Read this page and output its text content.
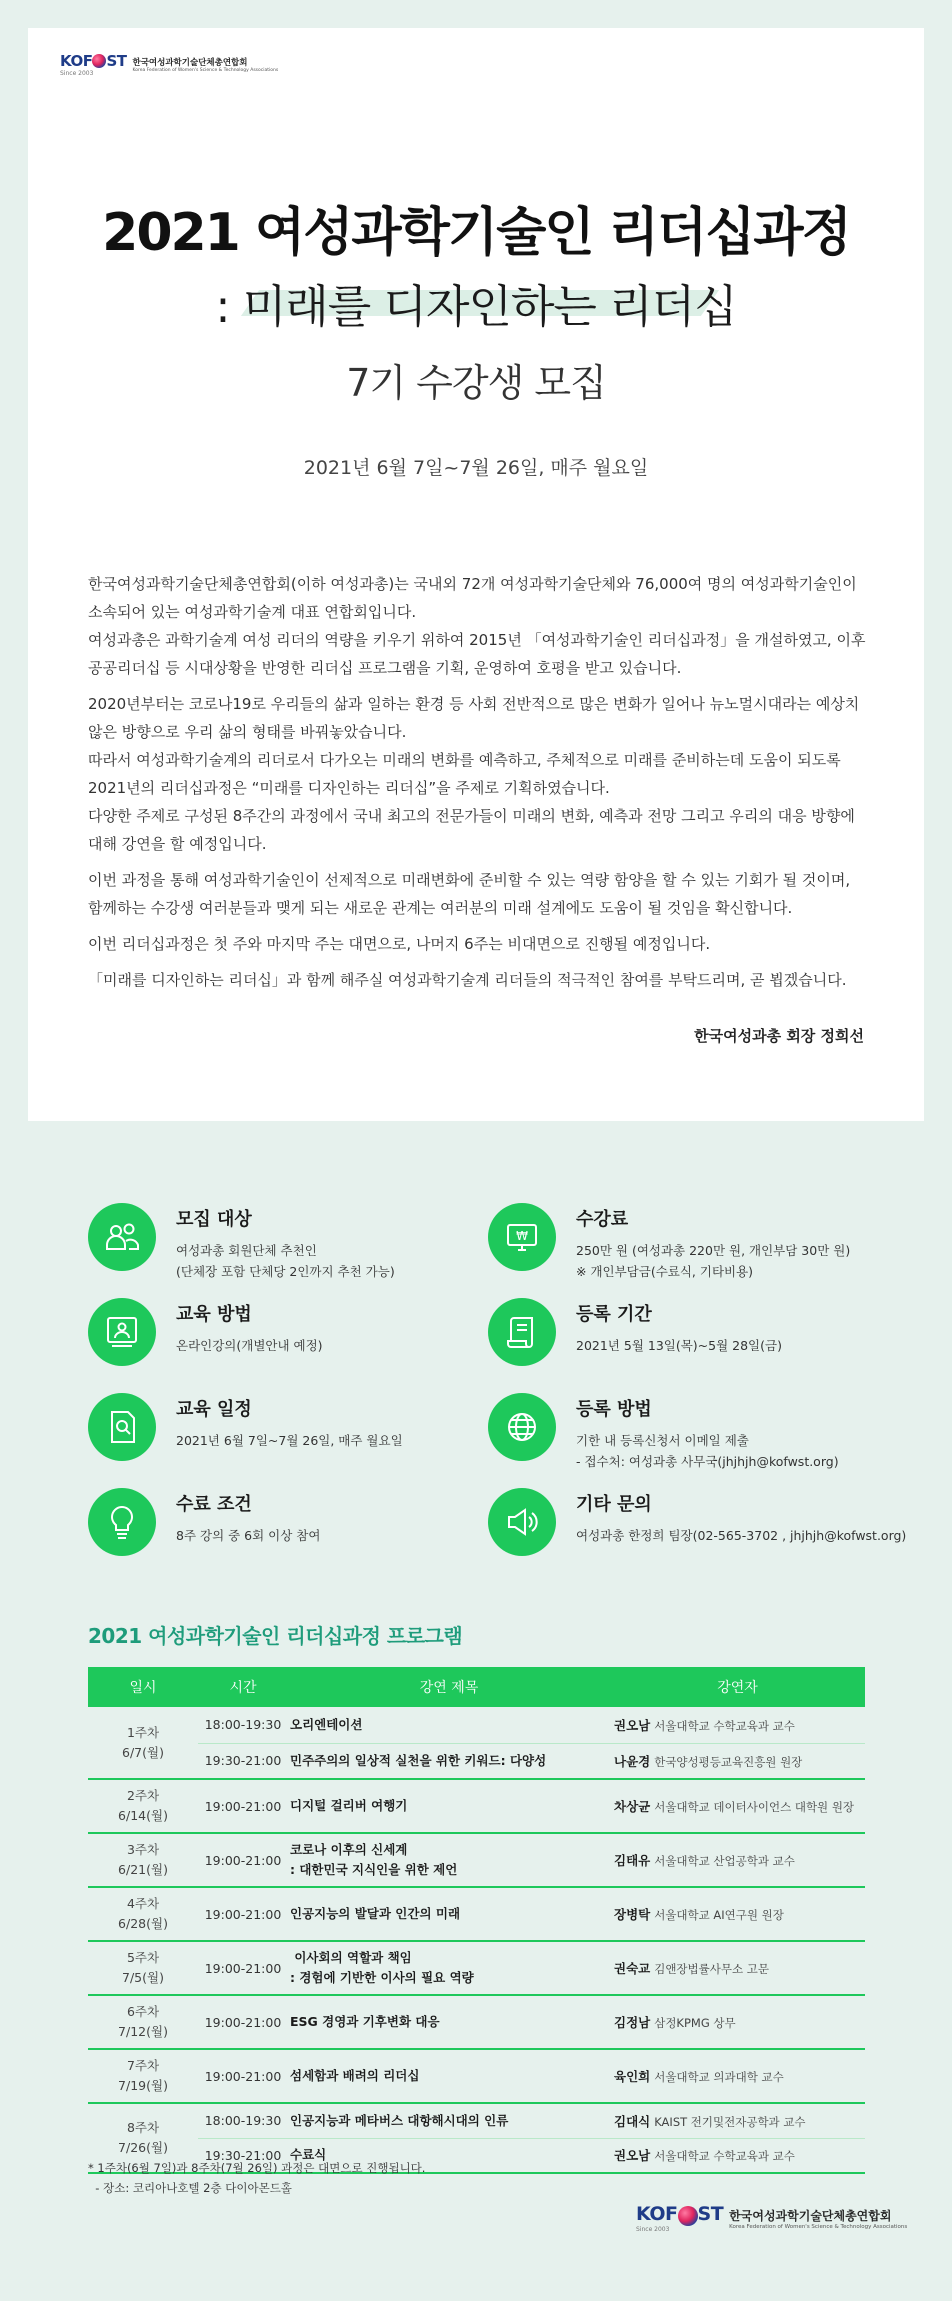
KOF ST
Since 2003
한국여성과학기술단체총연합회
Korea Federation of Women's Science & Technology Associations
2021 여성과학기술인 리더십과정
: 미래를 디자인하는 리더십
7기 수강생 모집
2021년 6월 7일~7월 26일, 매주 월요일

한국여성과학기술단체총연합회(이하 여성과총)는 국내외 72개 여성과학기술단체와 76,000여 명의 여성과학기술인이 소속되어 있는 여성과학기술계 대표 연합회입니다.
여성과총은 과학기술계 여성 리더의 역량을 키우기 위하여 2015년 「여성과학기술인 리더십과정」을 개설하였고, 이후 공공리더십 등 시대상황을 반영한 리더십 프로그램을 기획, 운영하여 호평을 받고 있습니다.

2020년부터는 코로나19로 우리들의 삶과 일하는 환경 등 사회 전반적으로 많은 변화가 일어나 뉴노멀시대라는 예상치않은 방향으로 우리 삶의 형태를 바꿔놓았습니다.
따라서 여성과학기술계의 리더로서 다가오는 미래의 변화를 예측하고, 주체적으로 미래를 준비하는데 도움이 되도록 2021년의 리더십과정은 “미래를 디자인하는 리더십”을 주제로 기획하였습니다.
다양한 주제로 구성된 8주간의 과정에서 국내 최고의 전문가들이 미래의 변화, 예측과 전망 그리고 우리의 대응 방향에 대해 강연을 할 예정입니다.

이번 과정을 통해 여성과학기술인이 선제적으로 미래변화에 준비할 수 있는 역량 함양을 할 수 있는 기회가 될 것이며, 함께하는 수강생 여러분들과 맺게 되는 새로운 관계는 여러분의 미래 설계에도 도움이 될 것임을 확신합니다.

이번 리더십과정은 첫 주와 마지막 주는 대면으로, 나머지 6주는 비대면으로 진행될 예정입니다.

「미래를 디자인하는 리더십」과 함께 해주실 여성과학기술계 리더들의 적극적인 참여를 부탁드리며, 곧 뵙겠습니다.

한국여성과총 회장 정희선
모집 대상
여성과총 회원단체 추천인
(단체장 포함 단체당 2인까지 추천 가능)
₩
수강료
250만 원 (여성과총 220만 원, 개인부담 30만 원)
※ 개인부담금(수료식, 기타비용)
교육 방법
온라인강의(개별안내 예정)
등록 기간
2021년 5월 13일(목)~5월 28일(금)
교육 일정
2021년 6월 7일~7월 26일, 매주 월요일
등록 방법
기한 내 등록신청서 이메일 제출
- 접수처: 여성과총 사무국(jhjhjh@kofwst.org)
수료 조건
8주 강의 중 6회 이상 참여
기타 문의
여성과총 한정희 팀장(02-565-3702 , jhjhjh@kofwst.org)
2021 여성과학기술인 리더십과정 프로그램
일시	시간	강연 제목	강연자
1주차
6/7(월)	18:00-19:30	오리엔테이션	권오남 서울대학교 수학교육과 교수
	19:30-21:00	민주주의의 일상적 실천을 위한 키워드: 다양성	나윤경 한국양성평등교육진흥원 원장
2주차
6/14(월)	19:00-21:00	디지털 걸리버 여행기	차상균 서울대학교 데이터사이언스 대학원 원장
3주차
6/21(월)	19:00-21:00	코로나 이후의 신세계
: 대한민국 지식인을 위한 제언	김태유 서울대학교 산업공학과 교수
4주차
6/28(월)	19:00-21:00	인공지능의 발달과 인간의 미래	장병탁 서울대학교 AI연구원 원장
5주차
7/5(월)	19:00-21:00	이사회의 역할과 책임
: 경험에 기반한 이사의 필요 역량	권숙교 김앤장법률사무소 고문
6주차
7/12(월)	19:00-21:00	ESG 경영과 기후변화 대응	김정남 삼정KPMG 상무
7주차
7/19(월)	19:00-21:00	섬세함과 배려의 리더십	육인희 서울대학교 의과대학 교수
8주차
7/26(월)	18:00-19:30	인공지능과 메타버스 대항해시대의 인류	김대식 KAIST 전기및전자공학과 교수
	19:30-21:00	수료식	권오남 서울대학교 수학교육과 교수
* 1주차(6월 7일)과 8주차(7월 26일) 과정은 대면으로 진행됩니다.
- 장소: 코리아나호텔 2층 다이아몬드홀
KOF ST
Since 2003
한국여성과학기술단체총연합회
Korea Federation of Women's Science & Technology Associations
